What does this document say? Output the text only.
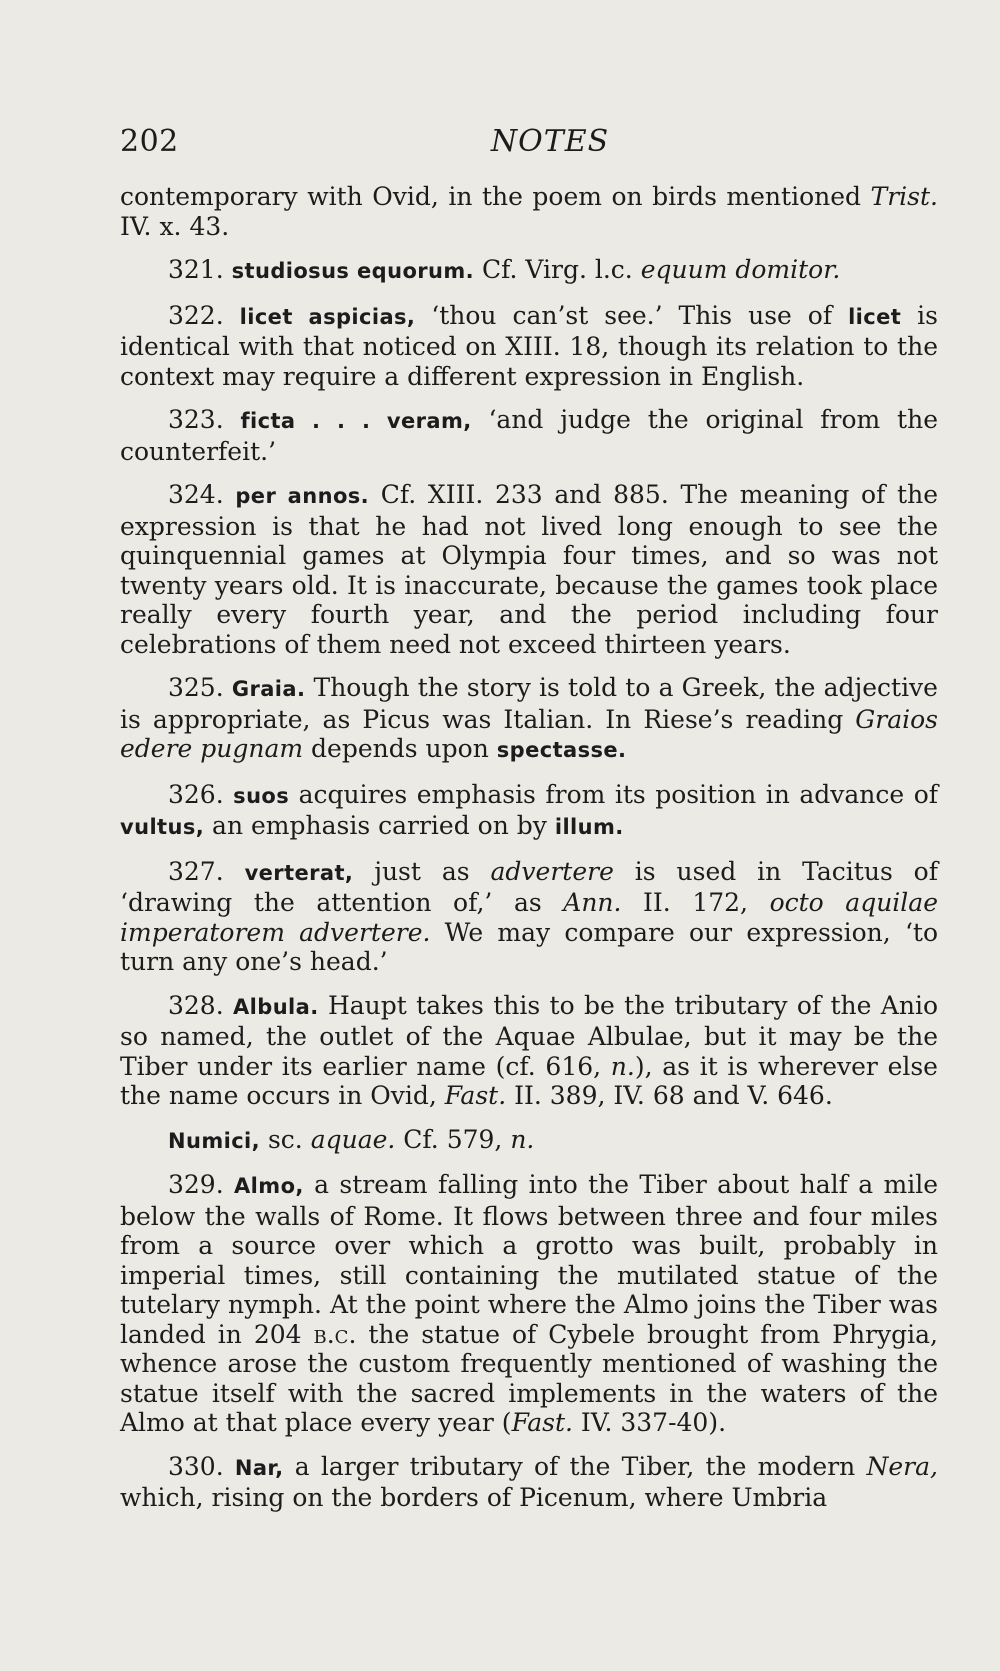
202	NOTES

contemporary with Ovid, in the poem on birds mentioned Trist. IV. x. 43.

321. studiosus equorum. Cf. Virg. l.c. equum domitor.

322. licet aspicias, ‘thou can’st see.’ This use of licet is identical with that noticed on XIII. 18, though its relation to the context may require a different expression in English.

323. ficta . . . veram, ‘and judge the original from the counterfeit.’

324. per annos. Cf. XIII. 233 and 885. The meaning of the expression is that he had not lived long enough to see the quinquennial games at Olympia four times, and so was not twenty years old. It is inaccurate, because the games took place really every fourth year, and the period including four celebrations of them need not exceed thirteen years.

325. Graia. Though the story is told to a Greek, the adjective is appropriate, as Picus was Italian. In Riese’s reading Graios edere pugnam depends upon spectasse.

326. suos acquires emphasis from its position in advance of vultus, an emphasis carried on by illum.

327. verterat, just as advertere is used in Tacitus of ‘drawing the attention of,’ as Ann. II. 172, octo aquilae imperatorem advertere. We may compare our expression, ‘to turn any one’s head.’

328. Albula. Haupt takes this to be the tributary of the Anio so named, the outlet of the Aquae Albulae, but it may be the Tiber under its earlier name (cf. 616, n.), as it is wherever else the name occurs in Ovid, Fast. II. 389, IV. 68 and V. 646.

Numici, sc. aquae. Cf. 579, n.

329. Almo, a stream falling into the Tiber about half a mile below the walls of Rome. It flows between three and four miles from a source over which a grotto was built, probably in imperial times, still containing the mutilated statue of the tutelary nymph. At the point where the Almo joins the Tiber was landed in 204 b.c. the statue of Cybele brought from Phrygia, whence arose the custom frequently mentioned of washing the statue itself with the sacred implements in the waters of the Almo at that place every year (Fast. IV. 337-40).

330. Nar, a larger tributary of the Tiber, the modern Nera, which, rising on the borders of Picenum, where Umbria
